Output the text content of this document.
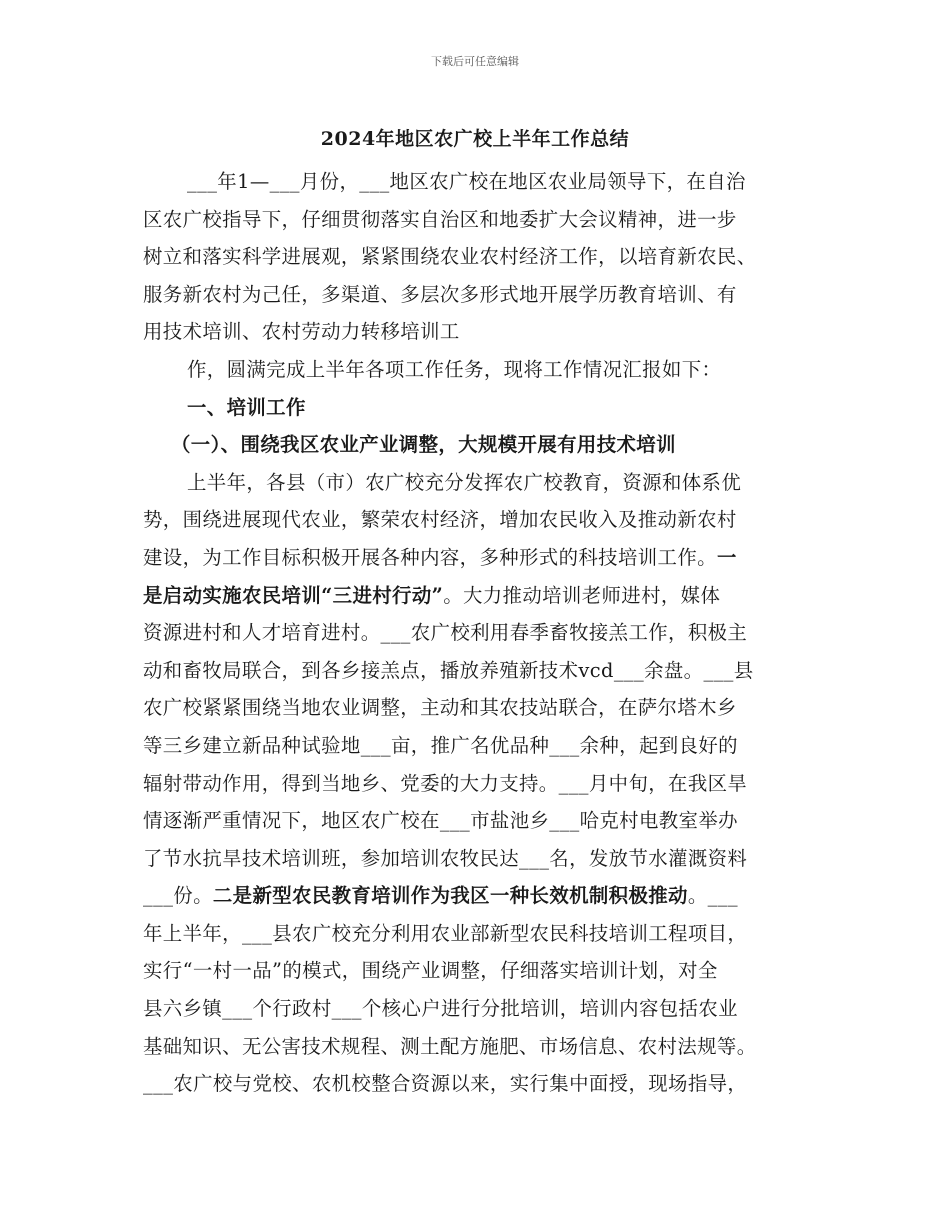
下载后可任意编辑
2024年地区农广校上半年工作总结
___年1—___月份，___地区农广校在地区农业局领导下，在自治
区农广校指导下，仔细贯彻落实自治区和地委扩大会议精神，进一步
树立和落实科学进展观，紧紧围绕农业农村经济工作，以培育新农民、
服务新农村为己任，多渠道、多层次多形式地开展学历教育培训、有
用技术培训、农村劳动力转移培训工
作，圆满完成上半年各项工作任务，现将工作情况汇报如下：
一、培训工作
（一）、围绕我区农业产业调整，大规模开展有用技术培训
上半年，各县（市）农广校充分发挥农广校教育，资源和体系优
势，围绕进展现代农业，繁荣农村经济，增加农民收入及推动新农村
建设，为工作目标积极开展各种内容，多种形式的科技培训工作。一
是启动实施农民培训“三进村行动”。大力推动培训老师进村，媒体
资源进村和人才培育进村。___农广校利用春季畜牧接羔工作，积极主
动和畜牧局联合，到各乡接羔点，播放养殖新技术vcd___余盘。___县
农广校紧紧围绕当地农业调整，主动和其农技站联合，在萨尔塔木乡
等三乡建立新品种试验地___亩，推广名优品种___余种，起到良好的
辐射带动作用，得到当地乡、党委的大力支持。___月中旬，在我区旱
情逐渐严重情况下，地区农广校在___市盐池乡___哈克村电教室举办
了节水抗旱技术培训班，参加培训农牧民达___名，发放节水灌溉资料
___份。二是新型农民教育培训作为我区一种长效机制积极推动。___
年上半年，___县农广校充分利用农业部新型农民科技培训工程项目，
实行“一村一品”的模式，围绕产业调整，仔细落实培训计划，对全
县六乡镇___个行政村___个核心户进行分批培训，培训内容包括农业
基础知识、无公害技术规程、测土配方施肥、市场信息、农村法规等。
___农广校与党校、农机校整合资源以来，实行集中面授，现场指导，
